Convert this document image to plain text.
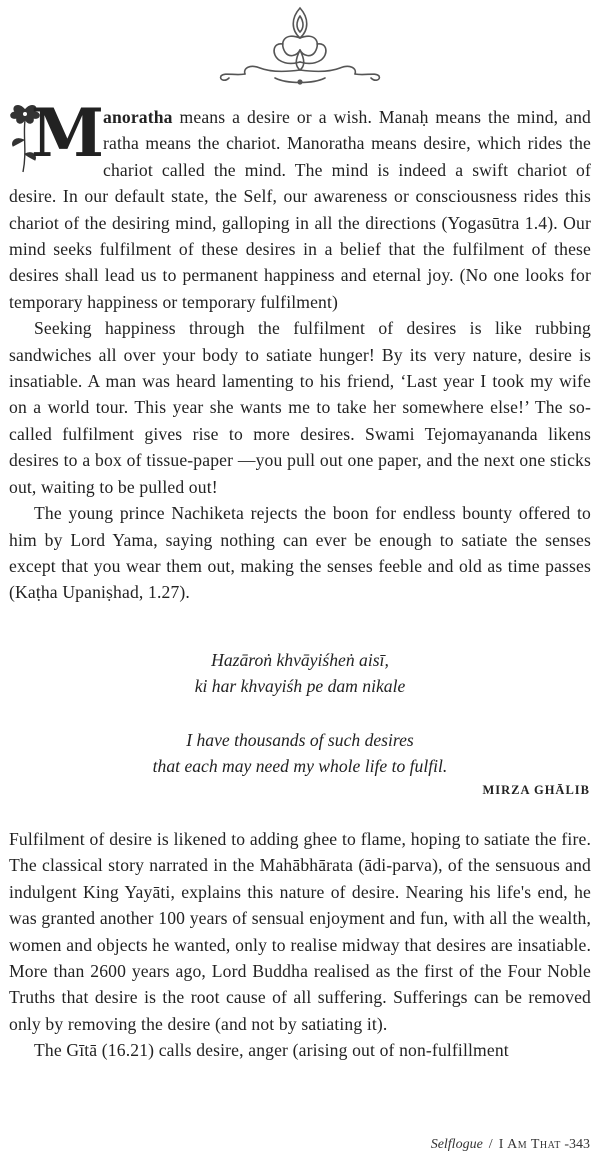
M
anoratha means a desire or a wish. Manaḥ means the mind, and ratha means the chariot. Manoratha means desire, which rides the chariot called the mind. The mind is indeed a swift chariot of desire. In our default state, the Self, our awareness or consciousness rides this chariot of the desiring mind, galloping in all the directions (Yogasūtra 1.4). Our mind seeks fulfilment of these desires in a belief that the fulfilment of these desires shall lead us to permanent happiness and eternal joy. (No one looks for temporary happiness or temporary fulfilment)

Seeking happiness through the fulfilment of desires is like rubbing sandwiches all over your body to satiate hunger! By its very nature, desire is insatiable. A man was heard lamenting to his friend, ‘Last year I took my wife on a world tour. This year she wants me to take her somewhere else!’ The so-called fulfilment gives rise to more desires. Swami Tejomayananda likens desires to a box of tissue-paper —you pull out one paper, and the next one sticks out, waiting to be pulled out!

The young prince Nachiketa rejects the boon for endless bounty offered to him by Lord Yama, saying nothing can ever be enough to satiate the senses except that you wear them out, making the senses feeble and old as time passes (Kaṭha Upaniṣhad, 1.27).

Hazāroṅ khvāyiśheṅ aisī,
ki har khvayiśh pe dam nikale
I have thousands of such desires
that each may need my whole life to fulfil.
MIRZA GHĀLIB

Fulfilment of desire is likened to adding ghee to flame, hoping to satiate the fire. The classical story narrated in the Mahābhārata (ādi-parva), of the sensuous and indulgent King Yayāti, explains this nature of desire. Nearing his life's end, he was granted another 100 years of sensual enjoyment and fun, with all the wealth, women and objects he wanted, only to realise midway that desires are insatiable. More than 2600 years ago, Lord Buddha realised as the first of the Four Noble Truths that desire is the root cause of all suffering. Sufferings can be removed only by removing the desire (and not by satiating it).

The Gītā (16.21) calls desire, anger (arising out of non-fulfillment

Selflogue / I Am That -343
